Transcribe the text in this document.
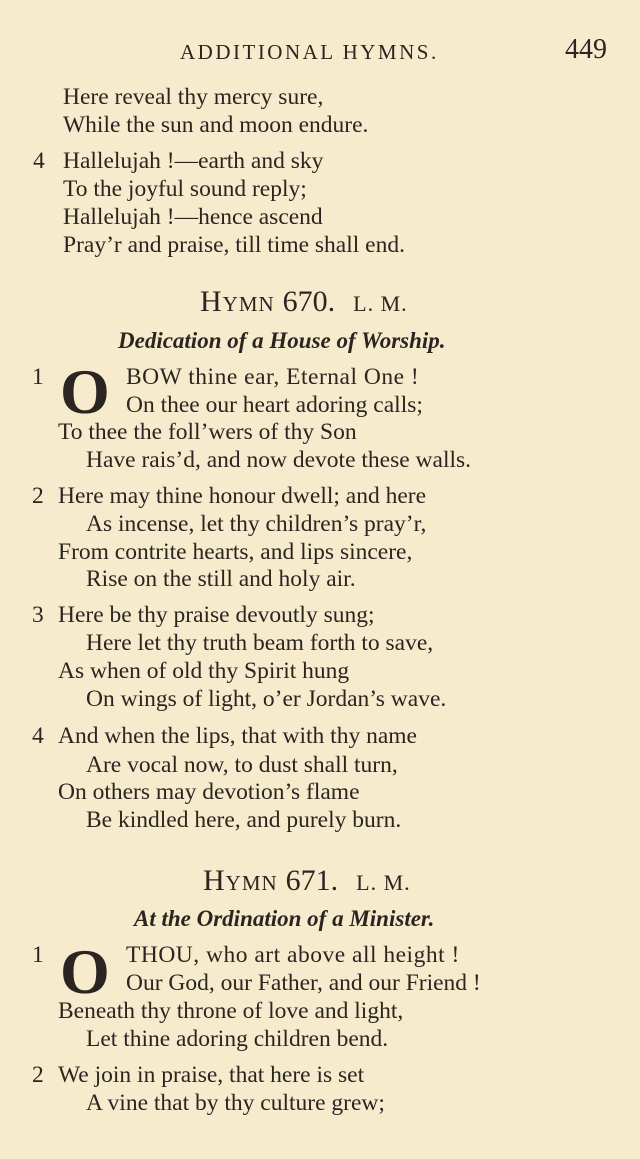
ADDITIONAL HYMNS.	449
Here reveal thy mercy sure,
While the sun and moon endure.
4 Hallelujah !—earth and sky
To the joyful sound reply;
Hallelujah !—hence ascend
Pray’r and praise, till time shall end.
Hymn 670. L. M.
Dedication of a House of Worship.
1 O BOW thine ear, Eternal One !
On thee our heart adoring calls;
To thee the foll’wers of thy Son
Have rais’d, and now devote these walls.
2 Here may thine honour dwell; and here
As incense, let thy children’s pray’r,
From contrite hearts, and lips sincere,
Rise on the still and holy air.
3 Here be thy praise devoutly sung;
Here let thy truth beam forth to save,
As when of old thy Spirit hung
On wings of light, o’er Jordan’s wave.
4 And when the lips, that with thy name
Are vocal now, to dust shall turn,
On others may devotion’s flame
Be kindled here, and purely burn.
Hymn 671. L. M.
At the Ordination of a Minister.
1 O THOU, who art above all height !
Our God, our Father, and our Friend !
Beneath thy throne of love and light,
Let thine adoring children bend.
2 We join in praise, that here is set
A vine that by thy culture grew;
